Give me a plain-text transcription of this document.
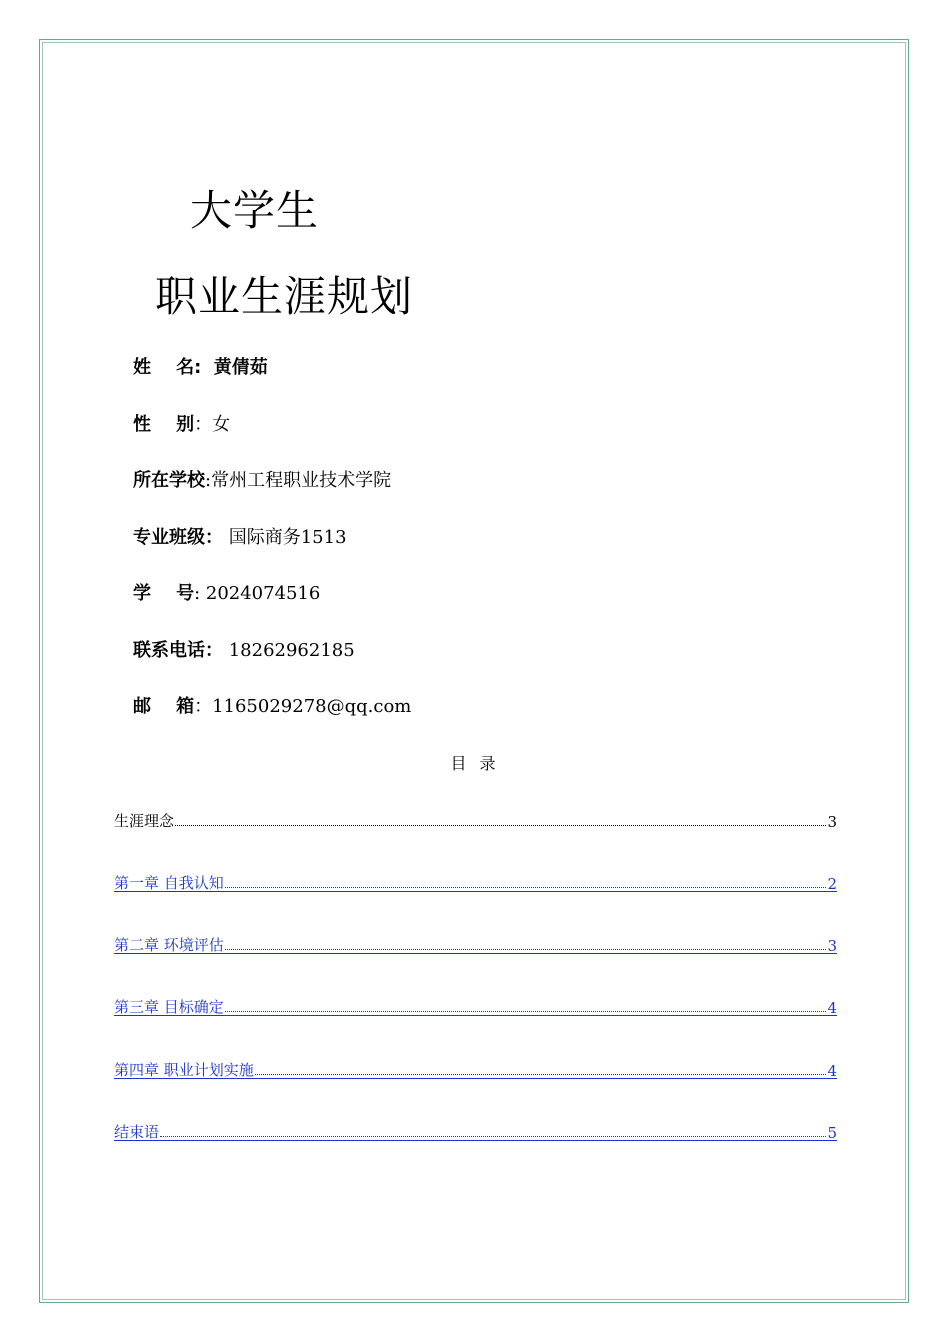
大学生
职业生涯规划
姓    名:  黄倩茹
性    别：女
所在学校:常州工程职业技术学院
专业班级： 国际商务1513
学    号: 2024074516
联系电话： 18262962185
邮    箱：1165029278@qq.com
目 录
生涯理念	3
第一章 自我认知	2
第二章 环境评估	3
第三章 目标确定	4
第四章 职业计划实施	4
结束语	5
